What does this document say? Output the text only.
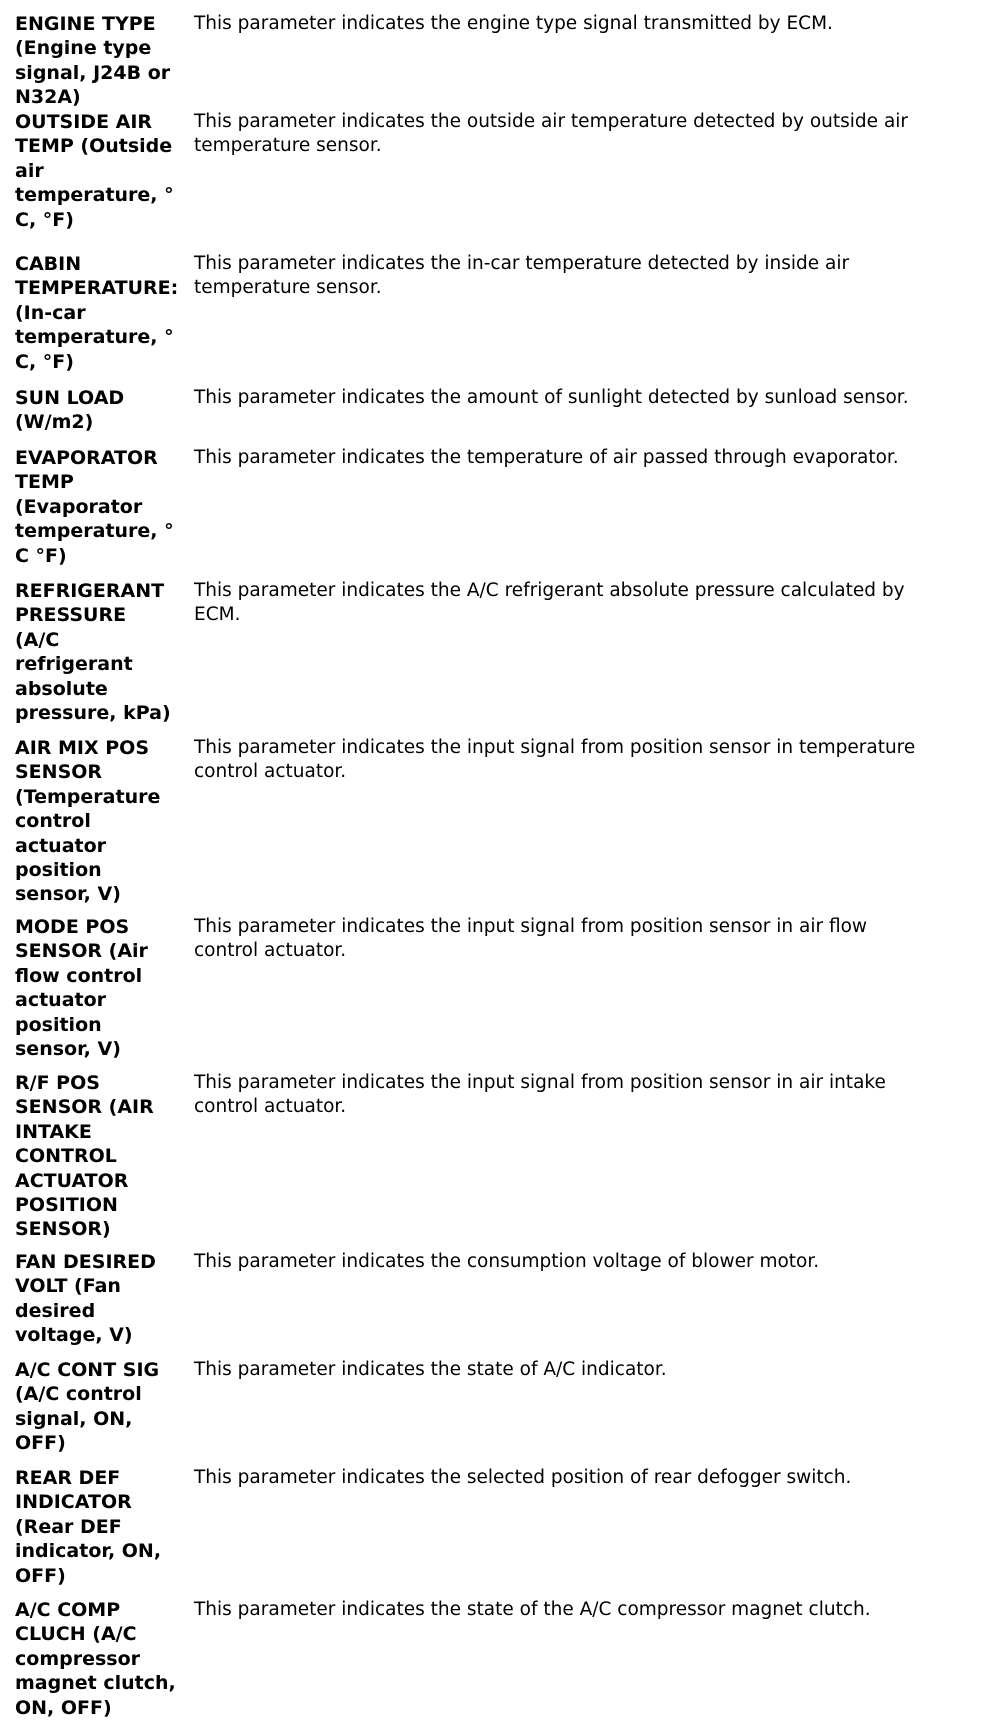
ENGINE TYPE
(Engine type
signal, J24B or
N32A)
This parameter indicates the engine type signal transmitted by ECM.
OUTSIDE AIR
TEMP (Outside
air
temperature, °
C, °F)
This parameter indicates the outside air temperature detected by outside air
temperature sensor.
CABIN
TEMPERATURE:
(In-car
temperature, °
C, °F)
This parameter indicates the in-car temperature detected by inside air
temperature sensor.
SUN LOAD
(W/m2)
This parameter indicates the amount of sunlight detected by sunload sensor.
EVAPORATOR
TEMP
(Evaporator
temperature, °
C °F)
This parameter indicates the temperature of air passed through evaporator.
REFRIGERANT
PRESSURE
(A/C
refrigerant
absolute
pressure, kPa)
This parameter indicates the A/C refrigerant absolute pressure calculated by
ECM.
AIR MIX POS
SENSOR
(Temperature
control
actuator
position
sensor, V)
This parameter indicates the input signal from position sensor in temperature
control actuator.
MODE POS
SENSOR (Air
flow control
actuator
position
sensor, V)
This parameter indicates the input signal from position sensor in air flow
control actuator.
R/F POS
SENSOR (AIR
INTAKE
CONTROL
ACTUATOR
POSITION
SENSOR)
This parameter indicates the input signal from position sensor in air intake
control actuator.
FAN DESIRED
VOLT (Fan
desired
voltage, V)
This parameter indicates the consumption voltage of blower motor.
A/C CONT SIG
(A/C control
signal, ON,
OFF)
This parameter indicates the state of A/C indicator.
REAR DEF
INDICATOR
(Rear DEF
indicator, ON,
OFF)
This parameter indicates the selected position of rear defogger switch.
A/C COMP
CLUCH (A/C
compressor
magnet clutch,
ON, OFF)
This parameter indicates the state of the A/C compressor magnet clutch.
